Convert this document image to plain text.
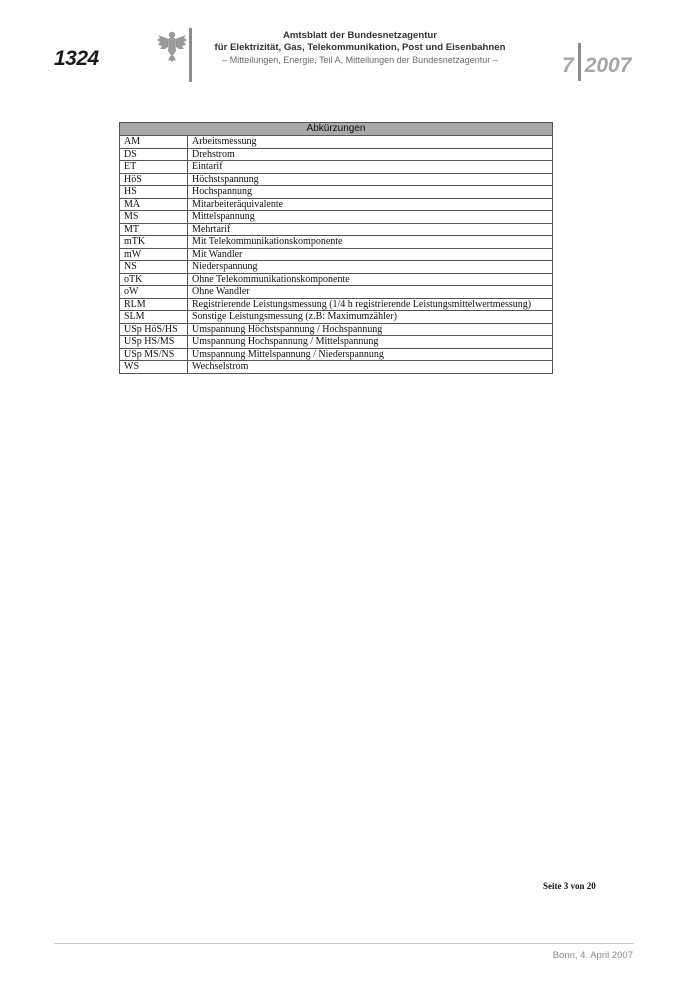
1324
Amtsblatt der Bundesnetzagentur
für Elektrizität, Gas, Telekommunikation, Post und Eisenbahnen
– Mitteilungen, Energie, Teil A, Mitteilungen der Bundesnetzagentur –	7 2007
Abkürzungen	
AM	Arbeitsmessung
DS	Drehstrom
ET	Eintarif
HöS	Höchstspannung
HS	Hochspannung
MÄ	Mitarbeiteräquivalente
MS	Mittelspannung
MT	Mehrtarif
mTK	Mit Telekommunikationskomponente
mW	Mit Wandler
NS	Niederspannung
oTK	Ohne Telekommunikationskomponente
oW	Ohne Wandler
RLM	Registrierende Leistungsmessung (1/4 h registrierende Leistungsmittelwertmessung)
SLM	Sonstige Leistungsmessung (z.B: Maximumzähler)
USp HöS/HS	Umspannung Höchstspannung / Hochspannung
USp HS/MS	Umspannung Hochspannung / Mittelspannung
USp MS/NS	Umspannung Mittelspannung / Niederspannung
WS	Wechselstrom
Seite 3 von 20
Bonn, 4. April 2007
